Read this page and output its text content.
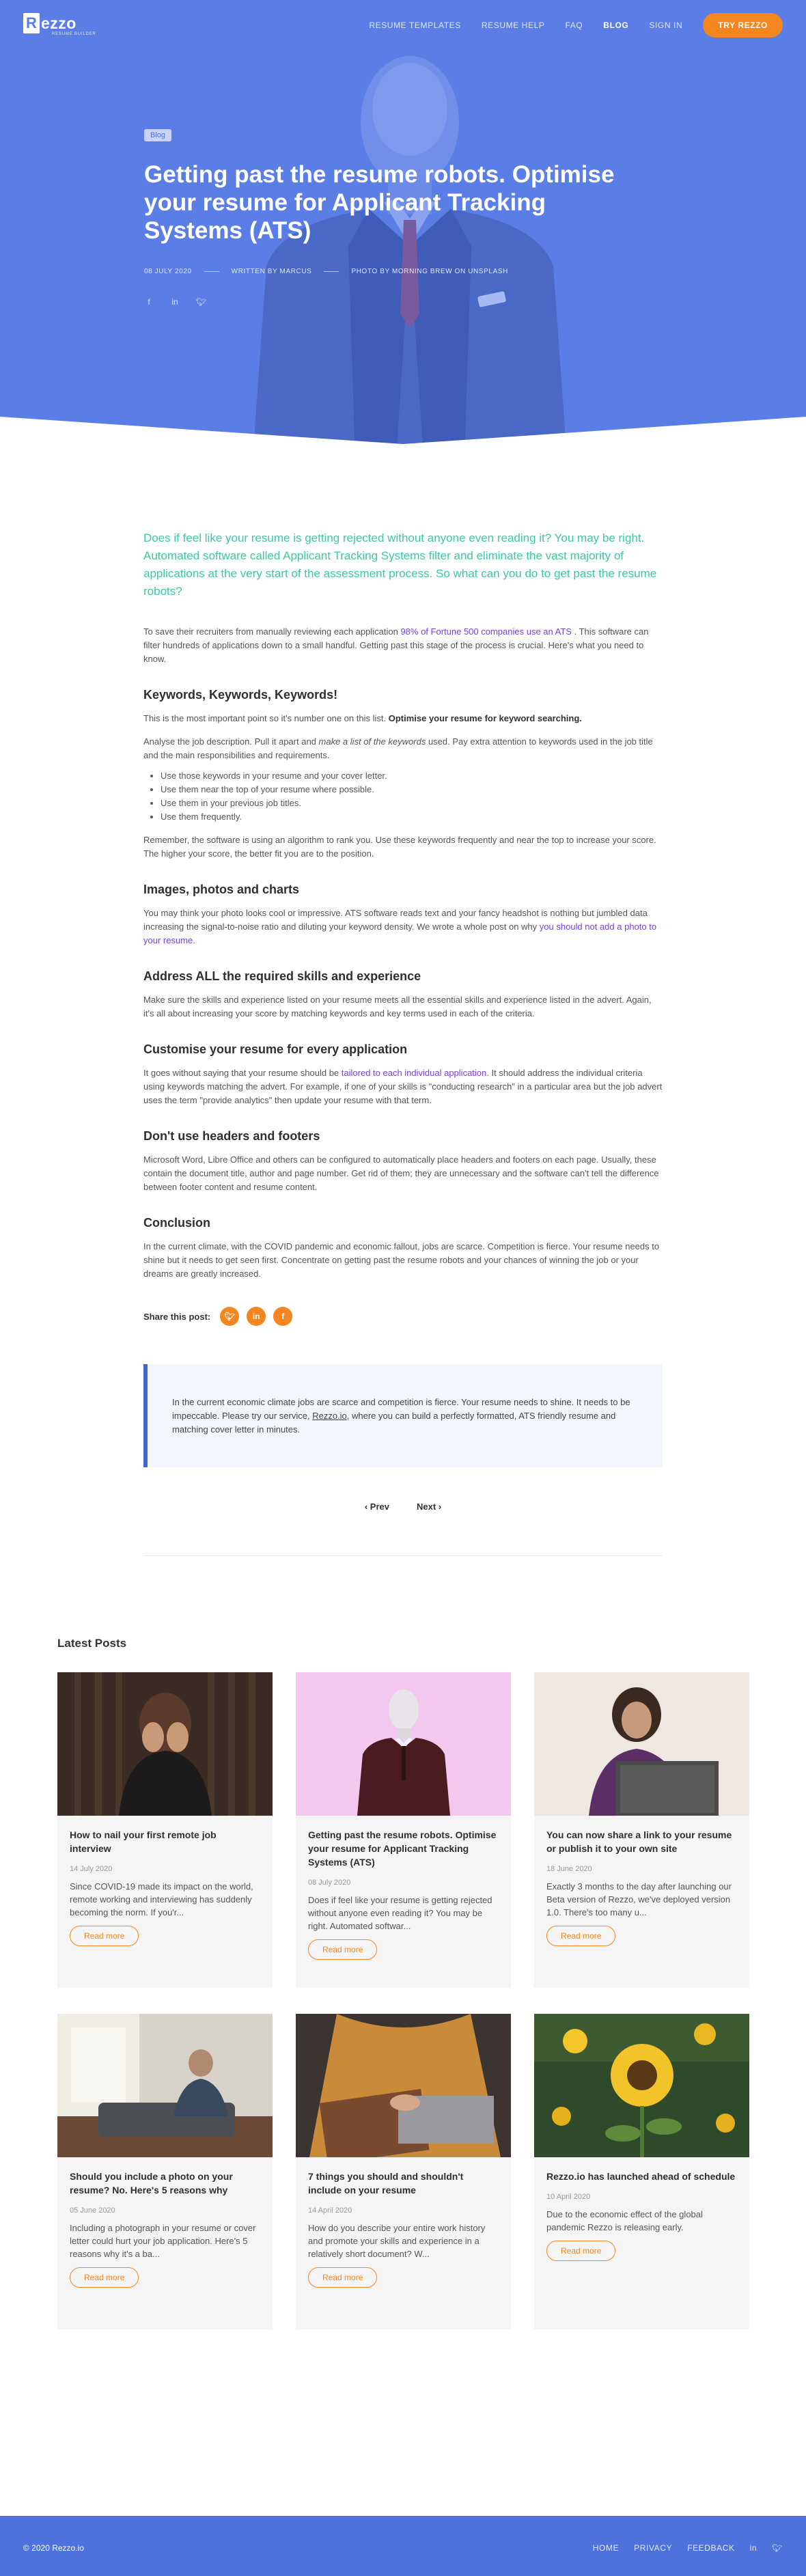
R ezzo
RESUME BUILDER
RESUME TEMPLATES	RESUME HELP	FAQ	BLOG	SIGN IN	TRY REZZO
Blog
Getting past the resume robots. Optimise your resume for Applicant Tracking Systems (ATS)
08 JULY 2020	WRITTEN BY MARCUS	PHOTO BY MORNING BREW ON UNSPLASH
f	in 🐦︎

Does if feel like your resume is getting rejected without anyone even reading it? You may be right. Automated software called Applicant Tracking Systems filter and eliminate the vast majority of applications at the very start of the assessment process. So what can you do to get past the resume robots?

To save their recruiters from manually reviewing each application 98% of Fortune 500 companies use an ATS . This software can filter hundreds of applications down to a small handful. Getting past this stage of the process is crucial. Here's what you need to know.

Keywords, Keywords, Keywords!

This is the most important point so it's number one on this list. Optimise your resume for keyword searching.

Analyse the job description. Pull it apart and make a list of the keywords used. Pay extra attention to keywords used in the job title and the main responsibilities and requirements.

• Use those keywords in your resume and your cover letter.
• Use them near the top of your resume where possible.
• Use them in your previous job titles.
• Use them frequently.

Remember, the software is using an algorithm to rank you. Use these keywords frequently and near the top to increase your score. The higher your score, the better fit you are to the position.

Images, photos and charts

You may think your photo looks cool or impressive. ATS software reads text and your fancy headshot is nothing but jumbled data increasing the signal-to-noise ratio and diluting your keyword density. We wrote a whole post on why you should not add a photo to your resume.

Address ALL the required skills and experience

Make sure the skills and experience listed on your resume meets all the essential skills and experience listed in the advert. Again, it's all about increasing your score by matching keywords and key terms used in each of the criteria.

Customise your resume for every application

It goes without saying that your resume should be tailored to each individual application. It should address the individual criteria using keywords matching the advert. For example, if one of your skills is "conducting research" in a particular area but the job advert uses the term "provide analytics" then update your resume with that term.

Don't use headers and footers

Microsoft Word, Libre Office and others can be configured to automatically place headers and footers on each page. Usually, these contain the document title, author and page number. Get rid of them; they are unnecessary and the software can't tell the difference between footer content and resume content.

Conclusion

In the current climate, with the COVID pandemic and economic fallout, jobs are scarce. Competition is fierce. Your resume needs to shine but it needs to get seen first. Concentrate on getting past the resume robots and your chances of winning the job or your dreams are greatly increased.

Share this post:	🐦︎	in	f
In the current economic climate jobs are scarce and competition is fierce. Your resume needs to shine. It needs to be impeccable. Please try our service, Rezzo.io, where you can build a perfectly formatted, ATS friendly resume and matching cover letter in minutes.
‹ Prev	Next ›
Latest Posts
How to nail your first remote job interview
14 July 2020
Since COVID-19 made its impact on the world, remote working and interviewing has suddenly becoming the norm. If you'r...
Read more
Getting past the resume robots. Optimise your resume for Applicant Tracking Systems (ATS)
08 July 2020
Does if feel like your resume is getting rejected without anyone even reading it? You may be right. Automated softwar...
Read more
You can now share a link to your resume or publish it to your own site
18 June 2020
Exactly 3 months to the day after launching our Beta version of Rezzo, we've deployed version 1.0. There's too many u...
Read more
Should you include a photo on your resume? No. Here's 5 reasons why
05 June 2020
Including a photograph in your resume or cover letter could hurt your job application. Here's 5 reasons why it's a ba...
Read more
7 things you should and shouldn't include on your resume
14 April 2020
How do you describe your entire work history and promote your skills and experience in a relatively short document? W...
Read more
Rezzo.io has launched ahead of schedule
10 April 2020
Due to the economic effect of the global pandemic Rezzo is releasing early.
Read more
© 2020 Rezzo.io	HOME PRIVACY FEEDBACK in 🐦︎
